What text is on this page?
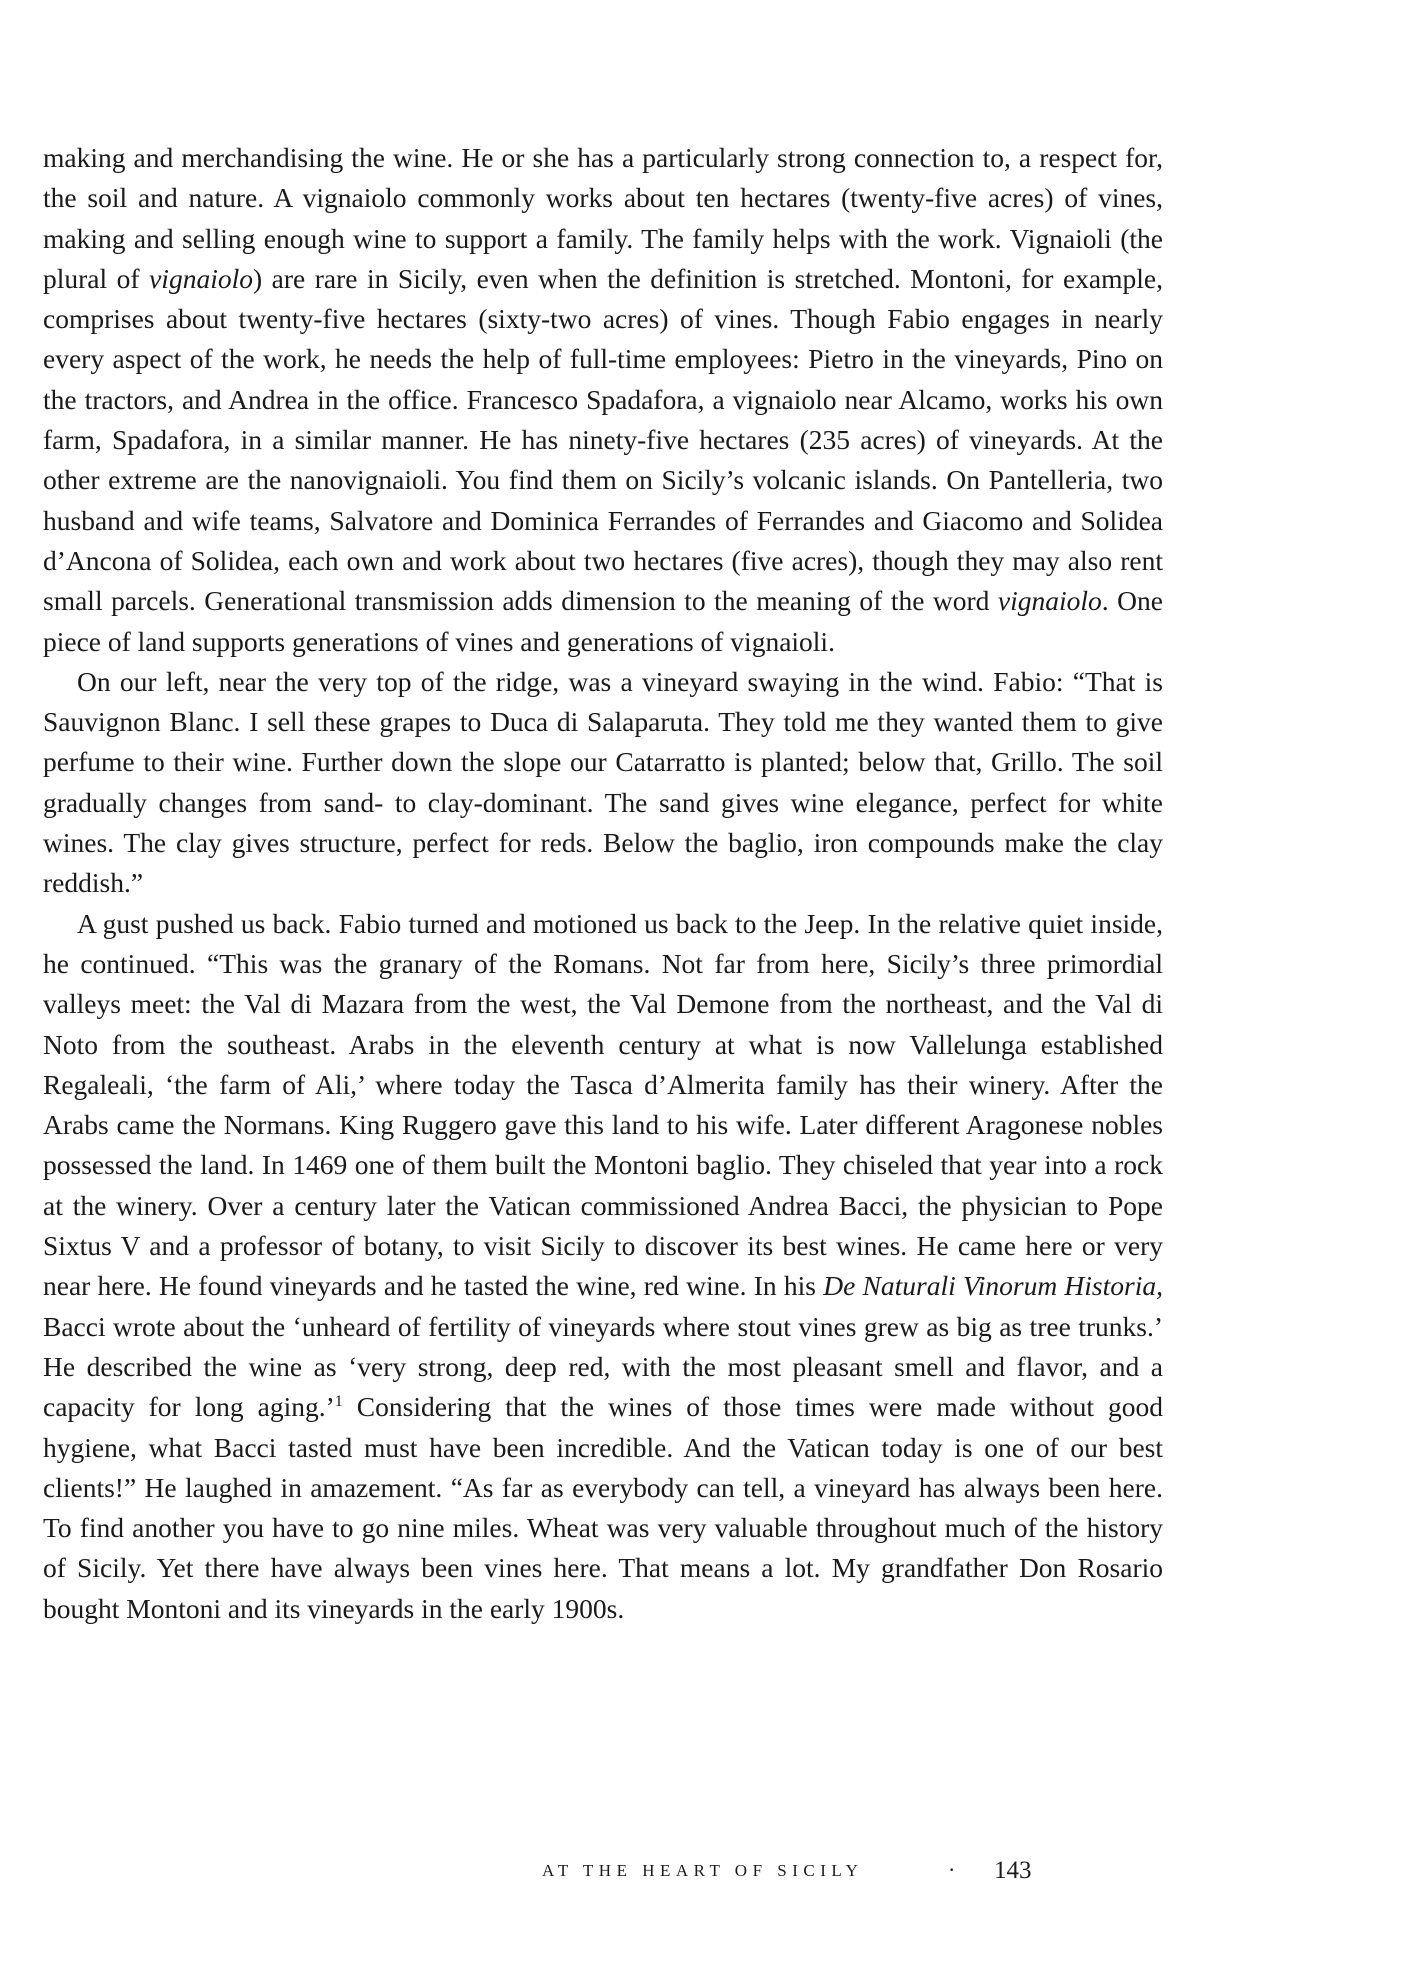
making and merchandising the wine. He or she has a particularly strong connection to, a respect for, the soil and nature. A vignaiolo commonly works about ten hectares (twenty-five acres) of vines, making and selling enough wine to support a family. The family helps with the work. Vignaioli (the plural of vignaiolo) are rare in Sicily, even when the definition is stretched. Montoni, for example, comprises about twenty-five hectares (sixty-two acres) of vines. Though Fabio engages in nearly every aspect of the work, he needs the help of full-time employees: Pietro in the vineyards, Pino on the tractors, and Andrea in the office. Francesco Spadafora, a vignaiolo near Alcamo, works his own farm, Spadafora, in a similar manner. He has ninety-five hectares (235 acres) of vineyards. At the other extreme are the nanovignaioli. You find them on Sicily’s volcanic islands. On Pantelleria, two husband and wife teams, Salvatore and Dominica Ferrandes of Ferrandes and Giacomo and Solidea d’Ancona of Solidea, each own and work about two hectares (five acres), though they may also rent small parcels. Generational transmission adds dimension to the meaning of the word vignaiolo. One piece of land supports generations of vines and generations of vignaioli.

On our left, near the very top of the ridge, was a vineyard swaying in the wind. Fabio: “That is Sauvignon Blanc. I sell these grapes to Duca di Salaparuta. They told me they wanted them to give perfume to their wine. Further down the slope our Catarratto is planted; below that, Grillo. The soil gradually changes from sand- to clay-dominant. The sand gives wine elegance, perfect for white wines. The clay gives structure, perfect for reds. Below the baglio, iron compounds make the clay reddish.”

A gust pushed us back. Fabio turned and motioned us back to the Jeep. In the relative quiet inside, he continued. “This was the granary of the Romans. Not far from here, Sicily’s three primordial valleys meet: the Val di Mazara from the west, the Val Demone from the northeast, and the Val di Noto from the southeast. Arabs in the eleventh century at what is now Vallelunga established Regaleali, ‘the farm of Ali,’ where today the Tasca d’Almerita family has their winery. After the Arabs came the Normans. King Ruggero gave this land to his wife. Later different Aragonese nobles possessed the land. In 1469 one of them built the Montoni baglio. They chiseled that year into a rock at the winery. Over a century later the Vatican commissioned Andrea Bacci, the physician to Pope Sixtus V and a professor of botany, to visit Sicily to discover its best wines. He came here or very near here. He found vineyards and he tasted the wine, red wine. In his De Naturali Vinorum Historia, Bacci wrote about the ‘unheard of fertility of vineyards where stout vines grew as big as tree trunks.’ He described the wine as ‘very strong, deep red, with the most pleasant smell and flavor, and a capacity for long aging.’$^1$ Considering that the wines of those times were made without good hygiene, what Bacci tasted must have been incredible. And the Vatican today is one of our best clients!” He laughed in amazement. “As far as everybody can tell, a vineyard has always been here. To find another you have to go nine miles. Wheat was very valuable throughout much of the history of Sicily. Yet there have always been vines here. That means a lot. My grandfather Don Rosario bought Montoni and its vineyards in the early 1900s.

AT THE HEART OF SICILY	· 143
